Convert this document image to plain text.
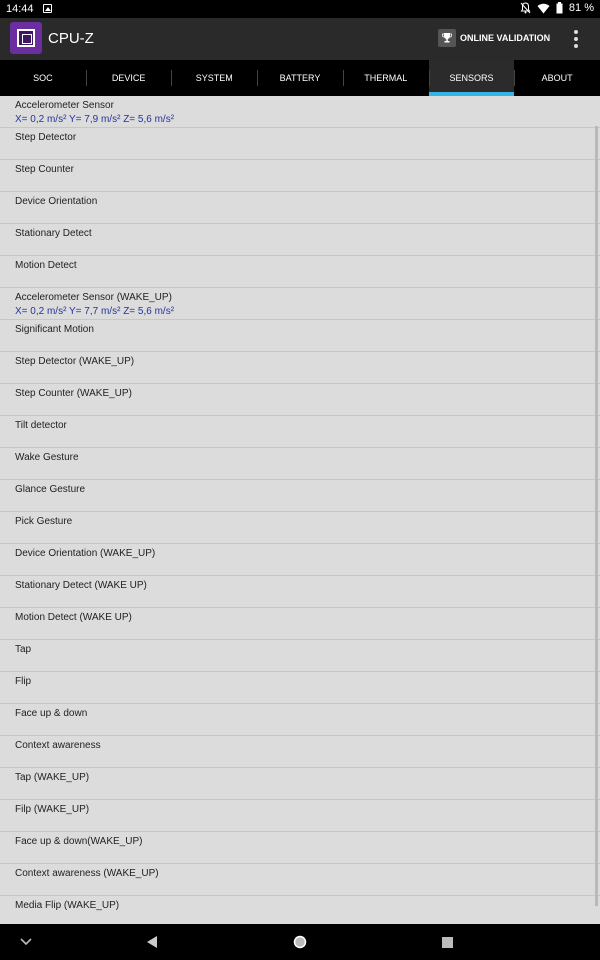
14:44	81 %
CPU-Z	ONLINE VALIDATION
SOC	DEVICE	SYSTEM	BATTERY	THERMAL	SENSORS	ABOUT
Accelerometer Sensor
X= 0,2 m/s² Y= 7,9 m/s² Z= 5,6 m/s²
Step Detector
Step Counter
Device Orientation
Stationary Detect
Motion Detect
Accelerometer Sensor (WAKE_UP)
X= 0,2 m/s² Y= 7,7 m/s² Z= 5,6 m/s²
Significant Motion
Step Detector (WAKE_UP)
Step Counter (WAKE_UP)
Tilt detector
Wake Gesture
Glance Gesture
Pick Gesture
Device Orientation (WAKE_UP)
Stationary Detect (WAKE UP)
Motion Detect (WAKE UP)
Tap
Flip
Face up & down
Context awareness
Tap (WAKE_UP)
Filp (WAKE_UP)
Face up & down(WAKE_UP)
Context awareness (WAKE_UP)
Media Flip (WAKE_UP)
